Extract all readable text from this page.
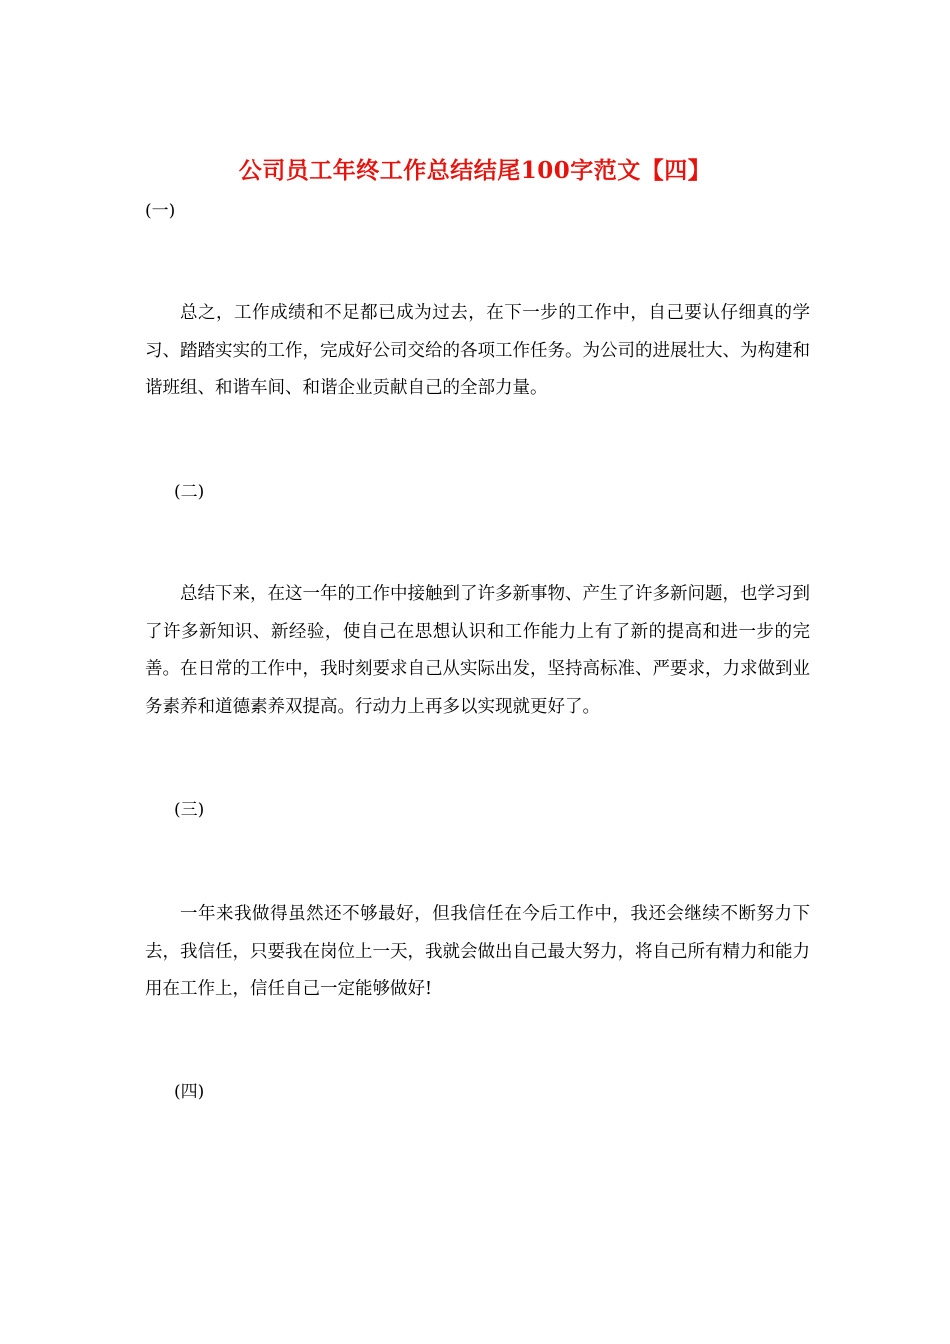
公司员工年终工作总结结尾100字范文【四】
(一)
总之，工作成绩和不足都已成为过去，在下一步的工作中，自己要认仔细真的学习、踏踏实实的工作，完成好公司交给的各项工作任务。为公司的进展壮大、为构建和谐班组、和谐车间、和谐企业贡献自己的全部力量。
(二)
总结下来，在这一年的工作中接触到了许多新事物、产生了许多新问题，也学习到了许多新知识、新经验，使自己在思想认识和工作能力上有了新的提高和进一步的完善。在日常的工作中，我时刻要求自己从实际出发，坚持高标准、严要求，力求做到业务素养和道德素养双提高。行动力上再多以实现就更好了。
(三)
一年来我做得虽然还不够最好，但我信任在今后工作中，我还会继续不断努力下去，我信任，只要我在岗位上一天，我就会做出自己最大努力，将自己所有精力和能力用在工作上，信任自己一定能够做好!
(四)
